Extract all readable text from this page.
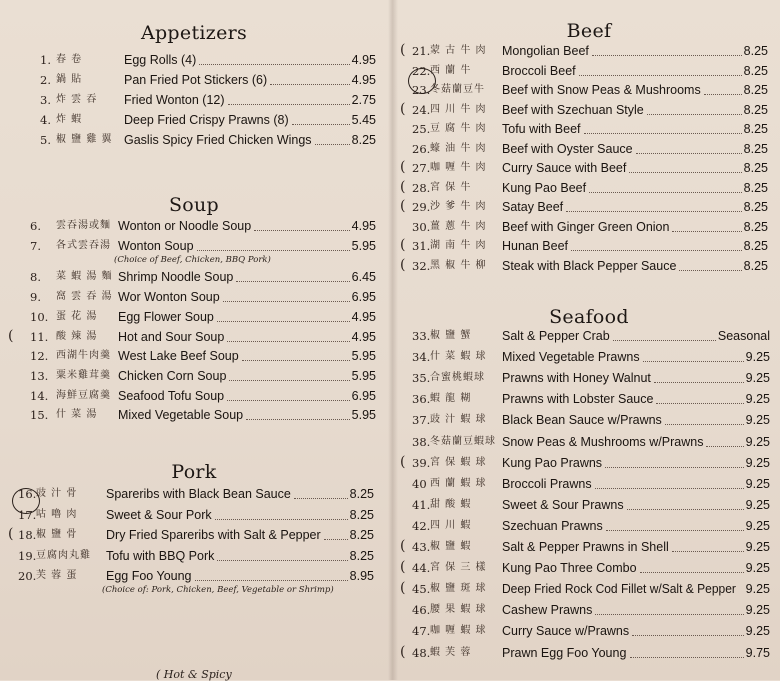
Appetizers
1. 春 卷	Egg Rolls (4)	4.95
2. 鍋 貼	Pan Fried Pot Stickers (6)	4.95
3. 炸 雲 吞 Fried Wonton (12)	2.75
4. 炸 蝦	Deep Fried Crispy Prawns (8)	5.45
5. 椒 鹽 雞 翼 Gaslis Spicy Fried Chicken Wings	8.25
Soup
6. 雲吞湯或麵 Wonton or Noodle Soup	4.95
7. 各式雲吞湯 Wonton Soup	5.95
(Choice of Beef, Chicken, BBQ Pork)
8. 菜 蝦 湯 麵 Shrimp Noodle Soup	6.45
9. 窩 雲 吞 湯 Wor Wonton Soup	6.95
10. 蛋 花 湯 Egg Flower Soup	4.95
( 11. 酸 辣 湯 Hot and Sour Soup	4.95
12. 西湖牛肉羹 West Lake Beef Soup	5.95
13. 粟米雞茸羹 Chicken Corn Soup	5.95
14. 海鮮豆腐羹 Seafood Tofu Soup	6.95
15. 什 菜 湯 Mixed Vegetable Soup	5.95
Pork
( Hot & Spicy
16. 豉 汁 骨 Spareribs with Black Bean Sauce	8.25
17. 咕 嚕 肉 Sweet & Sour Pork	8.25
( 18. 椒 鹽 骨 Dry Fried Spareribs with Salt & Pepper 8.25
19. 豆腐肉丸雞 Tofu with BBQ Pork	8.25
20. 芙 蓉 蛋 Egg Foo Young	8.95
(Choice of: Pork, Chicken, Beef, Vegetable or Shrimp)
Beef
( 21. 蒙 古 牛 肉 Mongolian Beef	8.25
22. 西 蘭 牛 Broccoli Beef	8.25
23. 冬菇蘭豆牛 Beef with Snow Peas & Mushrooms	8.25
( 24. 四 川 牛 肉 Beef with Szechuan Style	8.25
25. 豆 腐 牛 肉 Tofu with Beef	8.25
26. 蠔 油 牛 肉 Beef with Oyster Sauce	8.25
( 27. 咖 喱 牛 肉 Curry Sauce with Beef	8.25
( 28. 宮 保 牛 Kung Pao Beef	8.25
( 29. 沙 爹 牛 肉 Satay Beef	8.25
30. 薑 蔥 牛 肉 Beef with Ginger Green Onion	8.25
( 31. 湖 南 牛 肉 Hunan Beef	8.25
( 32. 黑 椒 牛 柳 Steak with Black Pepper Sauce	8.25
Seafood
33. 椒 鹽 蟹 Salt & Pepper Crab	Seasonal
34. 什 菜 蝦 球 Mixed Vegetable Prawns	9.25
35. 合蜜桃蝦球 Prawns with Honey Walnut	9.25
36. 蝦 龍 糊 Prawns with Lobster Sauce	9.25
37. 豉 汁 蝦 球 Black Bean Sauce w/Prawns	9.25
38. 冬菇蘭豆蝦球 Snow Peas & Mushrooms w/Prawns	9.25
( 39. 宮 保 蝦 球 Kung Pao Prawns	9.25
40 西 蘭 蝦 球 Broccoli Prawns	9.25
41. 甜 酸 蝦 Sweet & Sour Prawns	9.25
42. 四 川 蝦 Szechuan Prawns	9.25
( 43. 椒 鹽 蝦 Salt & Pepper Prawns in Shell	9.25
( 44. 宮 保 三 樣 Kung Pao Three Combo	9.25
( 45. 椒 鹽 斑 球 Deep Fried Rock Cod Fillet w/Salt & Pepper 9.25
46. 腰 果 蝦 球 Cashew Prawns	9.25
47. 咖 喱 蝦 球 Curry Sauce w/Prawns	9.25
( 48. 蝦 芙 蓉 Prawn Egg Foo Young	9.75
